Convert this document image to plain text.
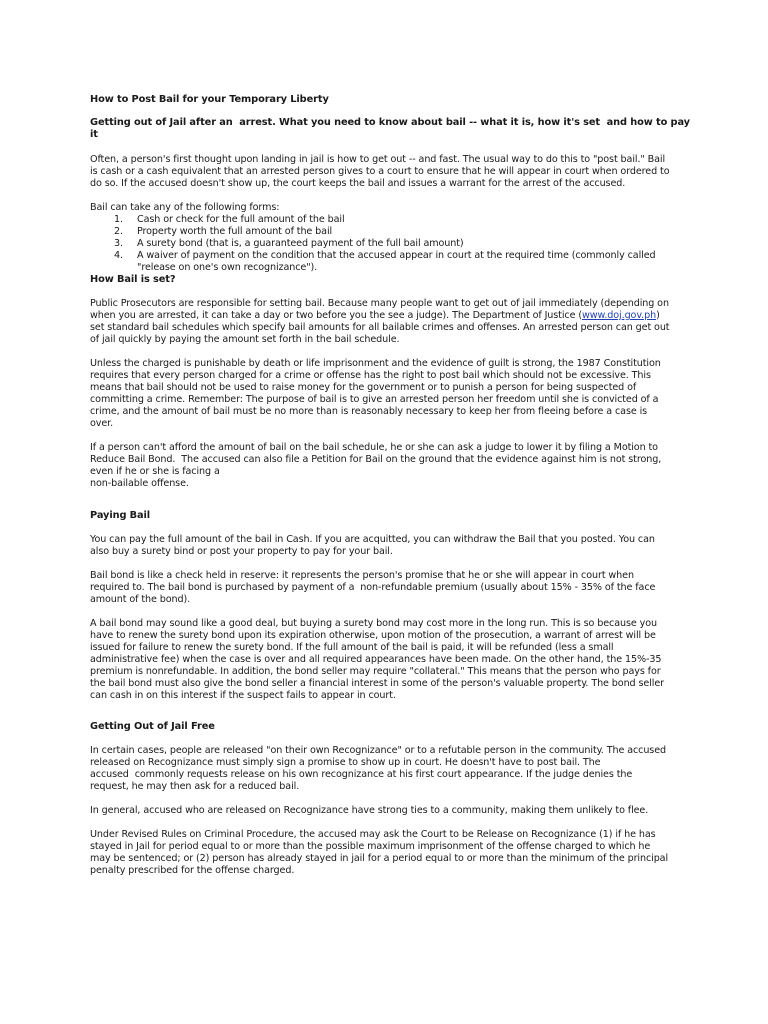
How to Post Bail for your Temporary Liberty

Getting out of Jail after an  arrest. What you need to know about bail -- what it is, how it's set  and how to pay

it

Often, a person's first thought upon landing in jail is how to get out -- and fast. The usual way to do this to "post bail." Bail

is cash or a cash equivalent that an arrested person gives to a court to ensure that he will appear in court when ordered to

do so. If the accused doesn't show up, the court keeps the bail and issues a warrant for the arrest of the accused.

Bail can take any of the following forms:

1. Cash or check for the full amount of the bail

2. Property worth the full amount of the bail

3. A surety bond (that is, a guaranteed payment of the full bail amount)

4. A waiver of payment on the condition that the accused appear in court at the required time (commonly called

"release on one's own recognizance").

How Bail is set?

Public Prosecutors are responsible for setting bail. Because many people want to get out of jail immediately (depending on

when you are arrested, it can take a day or two before you the see a judge). The Department of Justice (www.doj.gov.ph)

set standard bail schedules which specify bail amounts for all bailable crimes and offenses. An arrested person can get out

of jail quickly by paying the amount set forth in the bail schedule.

Unless the charged is punishable by death or life imprisonment and the evidence of guilt is strong, the 1987 Constitution

requires that every person charged for a crime or offense has the right to post bail which should not be excessive. This

means that bail should not be used to raise money for the government or to punish a person for being suspected of

committing a crime. Remember: The purpose of bail is to give an arrested person her freedom until she is convicted of a

crime, and the amount of bail must be no more than is reasonably necessary to keep her from fleeing before a case is

over.

If a person can't afford the amount of bail on the bail schedule, he or she can ask a judge to lower it by filing a Motion to

Reduce Bail Bond.  The accused can also file a Petition for Bail on the ground that the evidence against him is not strong,

even if he or she is facing a

non-bailable offense.

Paying Bail

You can pay the full amount of the bail in Cash. If you are acquitted, you can withdraw the Bail that you posted. You can

also buy a surety bind or post your property to pay for your bail.

Bail bond is like a check held in reserve: it represents the person's promise that he or she will appear in court when

required to. The bail bond is purchased by payment of a  non-refundable premium (usually about 15% - 35% of the face

amount of the bond).

A bail bond may sound like a good deal, but buying a surety bond may cost more in the long run. This is so because you

have to renew the surety bond upon its expiration otherwise, upon motion of the prosecution, a warrant of arrest will be

issued for failure to renew the surety bond. If the full amount of the bail is paid, it will be refunded (less a small

administrative fee) when the case is over and all required appearances have been made. On the other hand, the 15%-35

premium is nonrefundable. In addition, the bond seller may require "collateral." This means that the person who pays for

the bail bond must also give the bond seller a financial interest in some of the person's valuable property. The bond seller

can cash in on this interest if the suspect fails to appear in court.

Getting Out of Jail Free

In certain cases, people are released "on their own Recognizance" or to a refutable person in the community. The accused

released on Recognizance must simply sign a promise to show up in court. He doesn't have to post bail. The

accused  commonly requests release on his own recognizance at his first court appearance. If the judge denies the

request, he may then ask for a reduced bail.

In general, accused who are released on Recognizance have strong ties to a community, making them unlikely to flee.

Under Revised Rules on Criminal Procedure, the accused may ask the Court to be Release on Recognizance (1) if he has

stayed in Jail for period equal to or more than the possible maximum imprisonment of the offense charged to which he

may be sentenced; or (2) person has already stayed in jail for a period equal to or more than the minimum of the principal

penalty prescribed for the offense charged.
